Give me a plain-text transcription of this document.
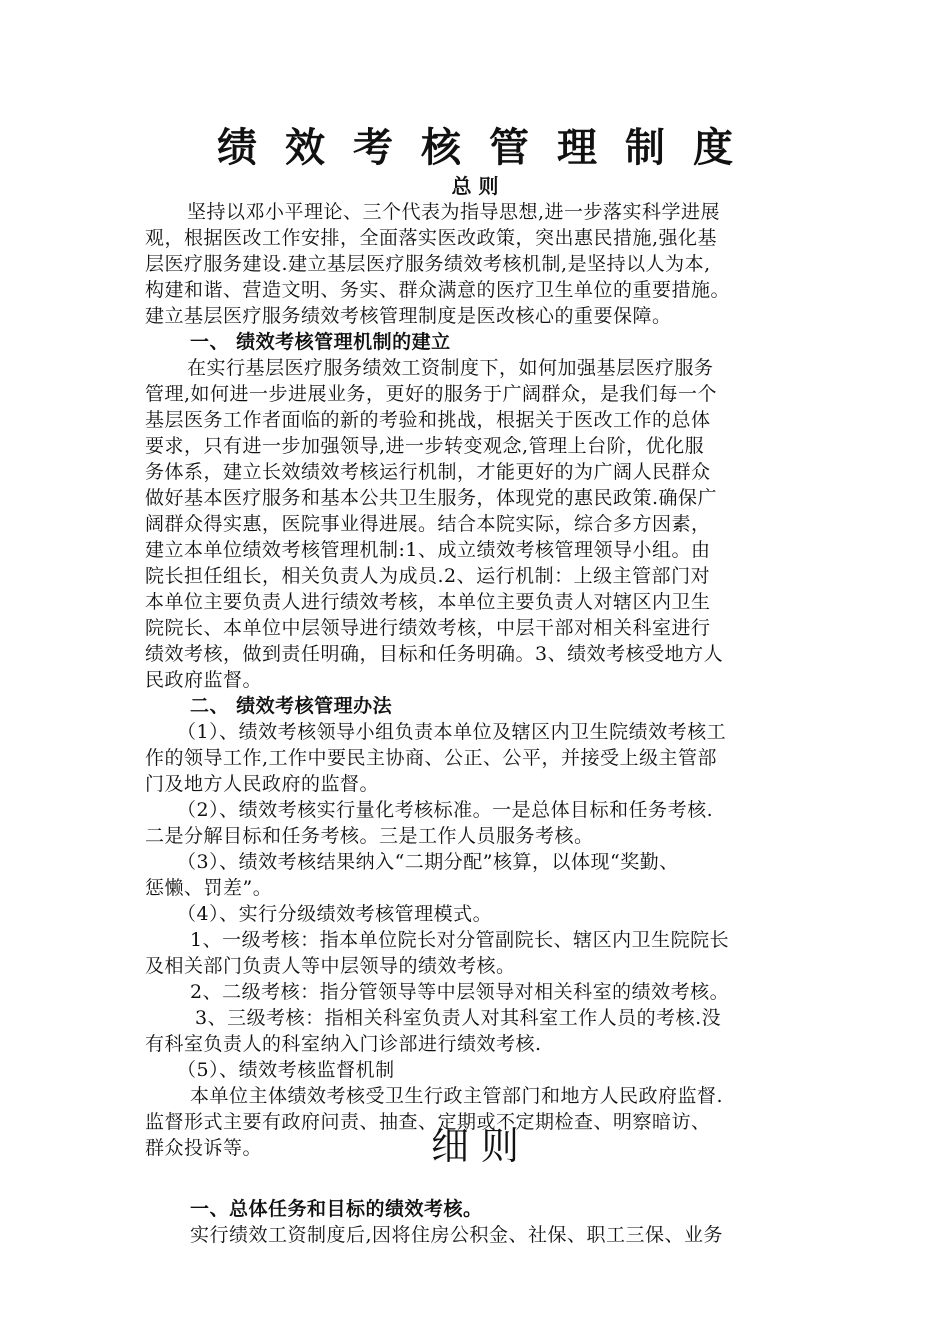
绩效考核管理制度
总 则
坚持以邓小平理论、三个代表为指导思想,进一步落实科学进展
观，根据医改工作安排，全面落实医改政策，突出惠民措施,强化基
层医疗服务建设.建立基层医疗服务绩效考核机制,是坚持以人为本,
构建和谐、营造文明、务实、群众满意的医疗卫生单位的重要措施。
建立基层医疗服务绩效考核管理制度是医改核心的重要保障。
一、 绩效考核管理机制的建立
在实行基层医疗服务绩效工资制度下，如何加强基层医疗服务
管理,如何进一步进展业务，更好的服务于广阔群众，是我们每一个
基层医务工作者面临的新的考验和挑战，根据关于医改工作的总体
要求，只有进一步加强领导,进一步转变观念,管理上台阶，优化服
务体系，建立长效绩效考核运行机制，才能更好的为广阔人民群众
做好基本医疗服务和基本公共卫生服务，体现党的惠民政策.确保广
阔群众得实惠，医院事业得进展。结合本院实际，综合多方因素，
建立本单位绩效考核管理机制:1、成立绩效考核管理领导小组。由
院长担任组长，相关负责人为成员.2、运行机制：上级主管部门对
本单位主要负责人进行绩效考核，本单位主要负责人对辖区内卫生
院院长、本单位中层领导进行绩效考核，中层干部对相关科室进行
绩效考核，做到责任明确，目标和任务明确。3、绩效考核受地方人
民政府监督。
二、 绩效考核管理办法
（1）、绩效考核领导小组负责本单位及辖区内卫生院绩效考核工
作的领导工作,工作中要民主协商、公正、公平，并接受上级主管部
门及地方人民政府的监督。
（2）、绩效考核实行量化考核标准。一是总体目标和任务考核.
二是分解目标和任务考核。三是工作人员服务考核。
（3）、绩效考核结果纳入“二期分配”核算，以体现“奖勤、
惩懒、罚差”。
（4）、实行分级绩效考核管理模式。
1、一级考核：指本单位院长对分管副院长、辖区内卫生院院长
及相关部门负责人等中层领导的绩效考核。
2、二级考核：指分管领导等中层领导对相关科室的绩效考核。
3、三级考核：指相关科室负责人对其科室工作人员的考核.没
有科室负责人的科室纳入门诊部进行绩效考核.
（5）、绩效考核监督机制
本单位主体绩效考核受卫生行政主管部门和地方人民政府监督.
监督形式主要有政府问责、抽查、定期或不定期检查、明察暗访、
群众投诉等。	细 则
一、总体任务和目标的绩效考核。
实行绩效工资制度后,因将住房公积金、社保、职工三保、业务
